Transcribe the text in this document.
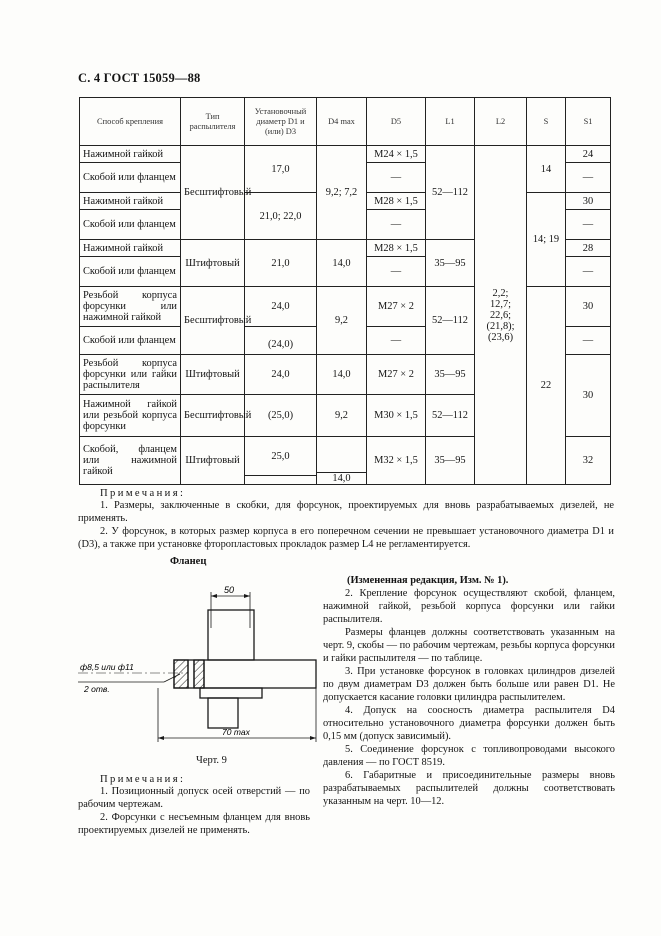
С. 4 ГОСТ 15059—88
Способ крепления	Тип распылителя	Установочный диаметр D1 и (или) D3	D4 max	D5	L1	L2	S	S1
Нажимной гайкой	Бесштифтовый	17,0	9,2; 7,2	M24 × 1,5	52—112	2,2; 12,7; 22,6; (21,8); (23,6)	14	24
Скобой или фланцем				—				—
Нажимной гайкой		21,0; 22,0		M28 × 1,5			14; 19	30
Скобой или фланцем				—				—
Нажимной гайкой	Штифтовый	21,0	14,0	M28 × 1,5	35—95			28
Скобой или фланцем				—				—
Резьбой корпуса форсунки или нажимной гайкой	Бесштифтовый	24,0	9,2	M27 × 2	52—112		22	30
Скобой или фланцем		(24,0)		—				—
Резьбой корпуса форсунки или гайки распылителя	Штифтовый	24,0	14,0	M27 × 2	35—95			30
Нажимной гайкой или резьбой корпуса форсунки	Бесштифтовый	(25,0)	9,2	M30 × 1,5	52—112			
Скобой, фланцем или нажимной гайкой	Штифтовый	25,0		M32 × 1,5	35—95			32
			14,0					

Примечания:

1. Размеры, заключенные в скобки, для форсунок, проектируемых для вновь разрабатываемых дизелей, не применять.

2. У форсунок, в которых размер корпуса в его поперечном сечении не превышает установочного диаметра D1 и (D3), а также при установке фторопластовых прокладок размер L4 не регламентируется.

Фланец
50
ф8,5 или ф11
2 отв.
70 max
Черт. 9

Примечания:

1. Позиционный допуск осей отверстий — по рабочим чертежам.

2. Форсунки с несъемным фланцем для вновь проектируемых дизелей не применять.

(Измененная редакция, Изм. № 1).

2. Крепление форсунок осуществляют скобой, фланцем, нажимной гайкой, резьбой корпуса форсунки или гайки распылителя.

Размеры фланцев должны соответствовать указанным на черт. 9, скобы — по рабочим чертежам, резьбы корпуса форсунки и гайки распылителя — по таблице.

3. При установке форсунок в головках цилиндров дизелей по двум диаметрам D3 должен быть больше или равен D1. Не допускается касание головки цилиндра распылителем.

4. Допуск на соосность диаметра распылителя D4 относительно установочного диаметра форсунки должен быть 0,15 мм (допуск зависимый).

5. Соединение форсунок с топливопроводами высокого давления — по ГОСТ 8519.

6. Габаритные и присоединительные размеры вновь разрабатываемых распылителей должны соответствовать указанным на черт. 10—12.
